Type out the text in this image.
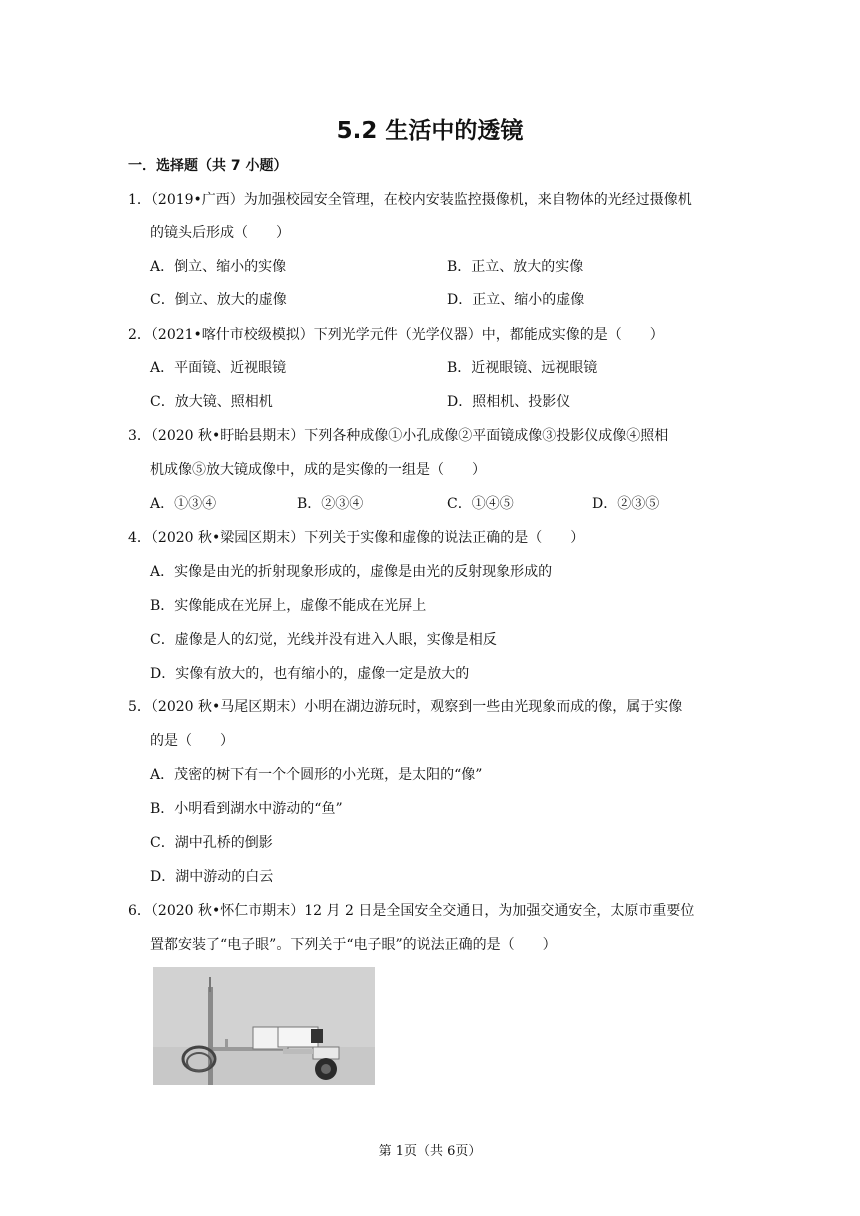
5.2 生活中的透镜
一．选择题（共 7 小题）
1．（2019•广西）为加强校园安全管理，在校内安装监控摄像机，来自物体的光经过摄像机
的镜头后形成（　　）
A．倒立、缩小的实像	B．正立、放大的实像
C．倒立、放大的虚像	D．正立、缩小的虚像
2．（2021•喀什市校级模拟）下列光学元件（光学仪器）中，都能成实像的是（　　）
A．平面镜、近视眼镜	B．近视眼镜、远视眼镜
C．放大镜、照相机	D．照相机、投影仪
3．（2020 秋•盱眙县期末）下列各种成像①小孔成像②平面镜成像③投影仪成像④照相
机成像⑤放大镜成像中，成的是实像的一组是（　　）
A．①③④	B．②③④	C．①④⑤	D．②③⑤
4．（2020 秋•梁园区期末）下列关于实像和虚像的说法正确的是（　　）
A．实像是由光的折射现象形成的，虚像是由光的反射现象形成的
B．实像能成在光屏上，虚像不能成在光屏上
C．虚像是人的幻觉，光线并没有进入人眼，实像是相反
D．实像有放大的，也有缩小的，虚像一定是放大的
5．（2020 秋•马尾区期末）小明在湖边游玩时，观察到一些由光现象而成的像，属于实像
的是（　　）
A．茂密的树下有一个个圆形的小光斑，是太阳的“像”
B．小明看到湖水中游动的“鱼”
C．湖中孔桥的倒影
D．湖中游动的白云
6．（2020 秋•怀仁市期末）12 月 2 日是全国安全交通日，为加强交通安全，太原市重要位
置都安装了“电子眼”。下列关于“电子眼”的说法正确的是（　　）
第 1页（共 6页）
